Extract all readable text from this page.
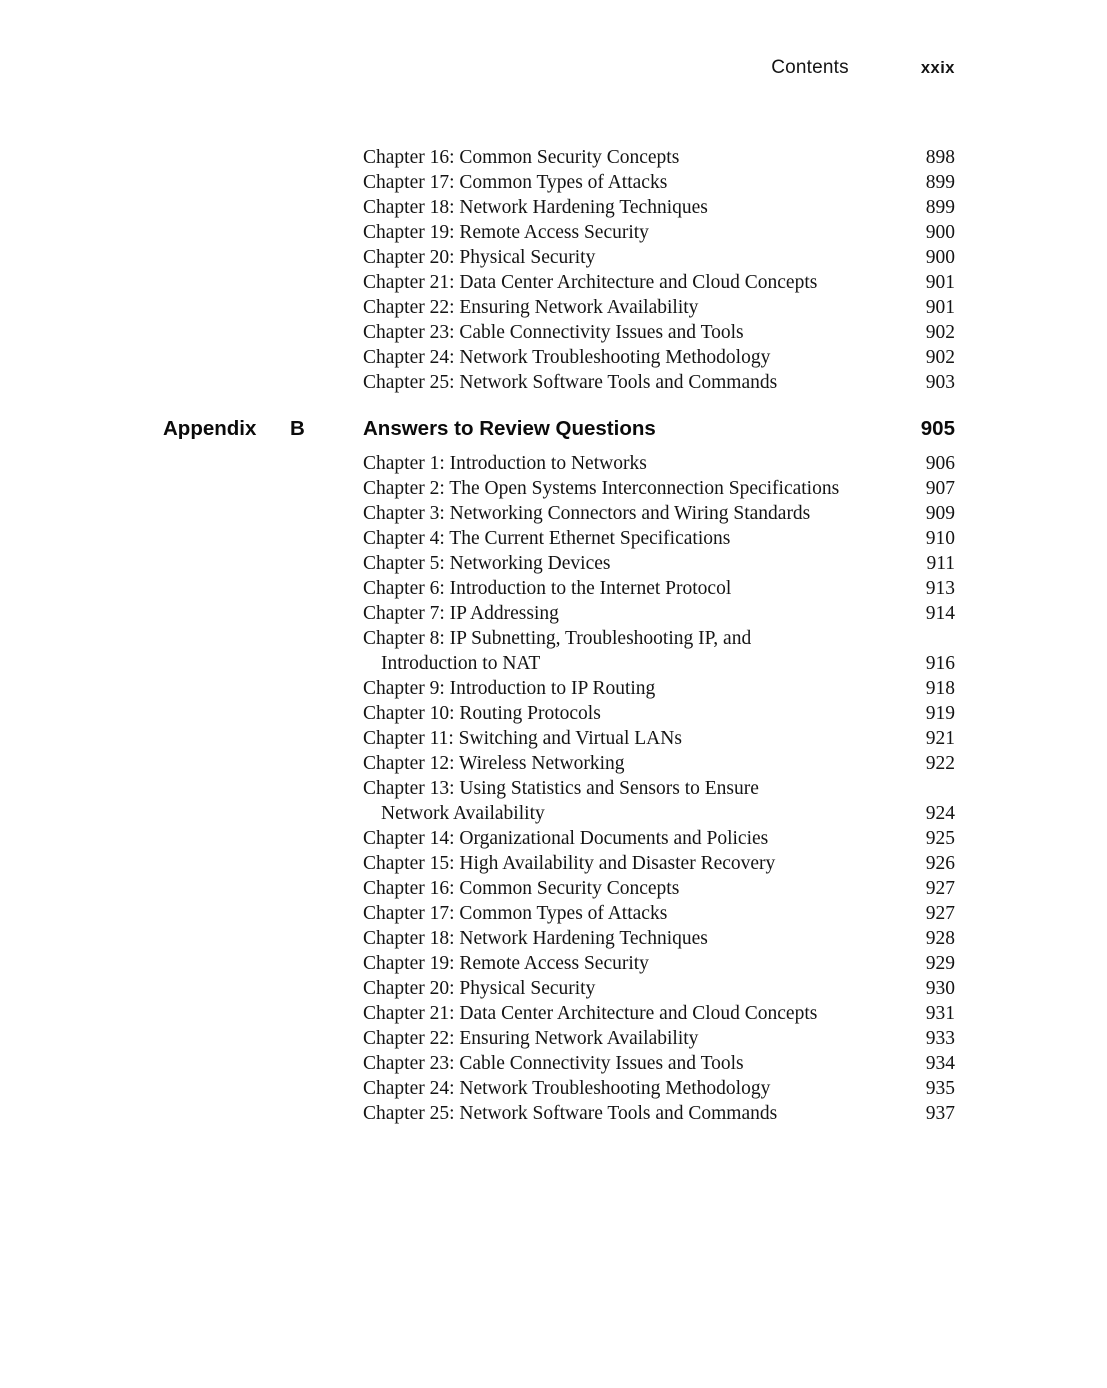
Contents	xxix
Chapter 16: Common Security Concepts	898
Chapter 17: Common Types of Attacks	899
Chapter 18: Network Hardening Techniques	899
Chapter 19: Remote Access Security	900
Chapter 20: Physical Security	900
Chapter 21: Data Center Architecture and Cloud Concepts	901
Chapter 22: Ensuring Network Availability	901
Chapter 23: Cable Connectivity Issues and Tools	902
Chapter 24: Network Troubleshooting Methodology	902
Chapter 25: Network Software Tools and Commands	903
Appendix	B	Answers to Review Questions	905
Chapter 1: Introduction to Networks	906
Chapter 2: The Open Systems Interconnection Specifications	907
Chapter 3: Networking Connectors and Wiring Standards	909
Chapter 4: The Current Ethernet Specifications	910
Chapter 5: Networking Devices	911
Chapter 6: Introduction to the Internet Protocol	913
Chapter 7: IP Addressing	914
Chapter 8: IP Subnetting, Troubleshooting IP, and
Introduction to NAT	916
Chapter 9: Introduction to IP Routing	918
Chapter 10: Routing Protocols	919
Chapter 11: Switching and Virtual LANs	921
Chapter 12: Wireless Networking	922
Chapter 13: Using Statistics and Sensors to Ensure
Network Availability	924
Chapter 14: Organizational Documents and Policies	925
Chapter 15: High Availability and Disaster Recovery	926
Chapter 16: Common Security Concepts	927
Chapter 17: Common Types of Attacks	927
Chapter 18: Network Hardening Techniques	928
Chapter 19: Remote Access Security	929
Chapter 20: Physical Security	930
Chapter 21: Data Center Architecture and Cloud Concepts	931
Chapter 22: Ensuring Network Availability	933
Chapter 23: Cable Connectivity Issues and Tools	934
Chapter 24: Network Troubleshooting Methodology	935
Chapter 25: Network Software Tools and Commands	937
